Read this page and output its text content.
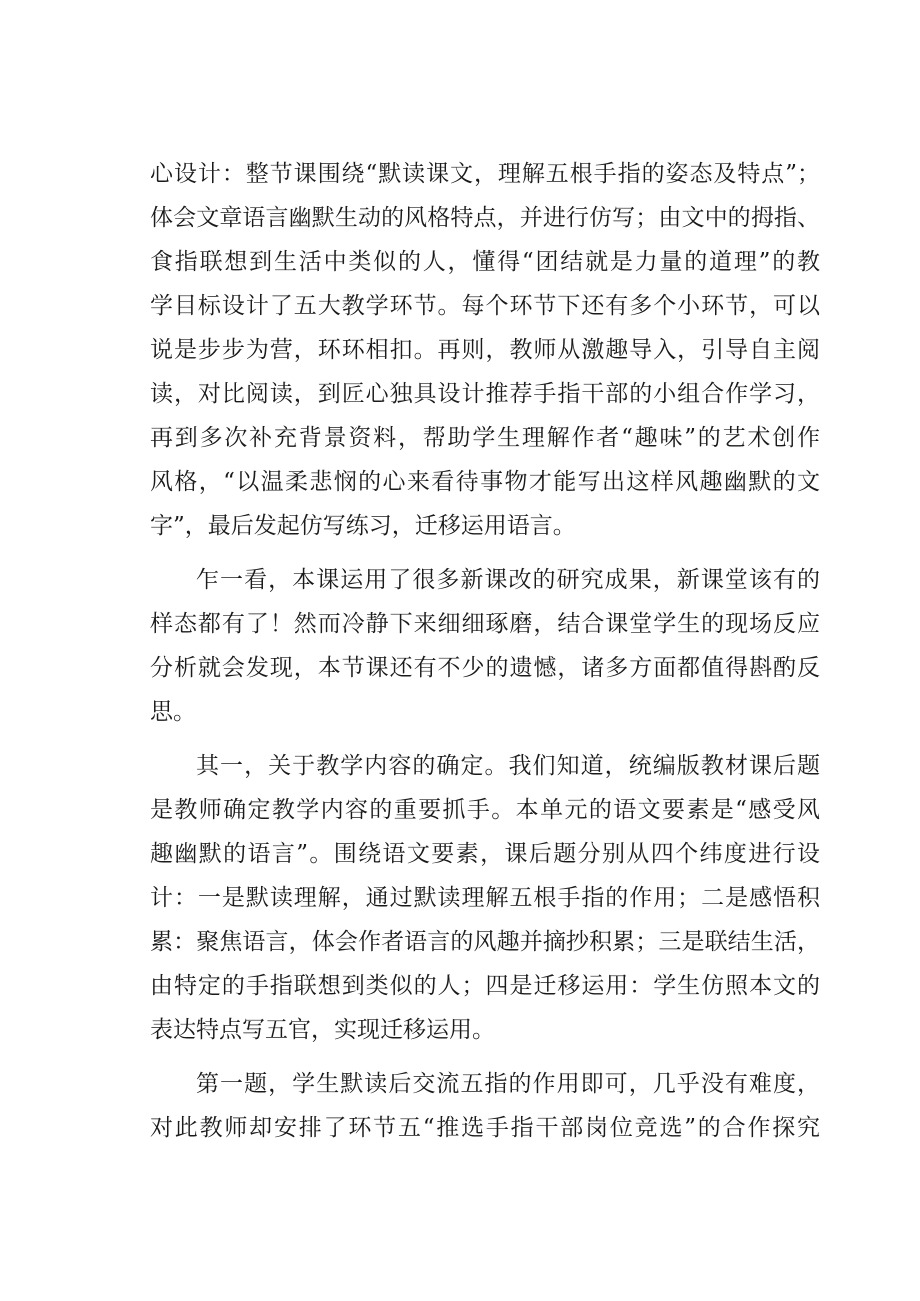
心设计：整节课围绕“默读课文，理解五根手指的姿态及特点”；
体会文章语言幽默生动的风格特点，并进行仿写；由文中的拇指、
食指联想到生活中类似的人，懂得“团结就是力量的道理”的教
学目标设计了五大教学环节。每个环节下还有多个小环节，可以
说是步步为营，环环相扣。再则，教师从激趣导入，引导自主阅
读，对比阅读，到匠心独具设计推荐手指干部的小组合作学习，
再到多次补充背景资料，帮助学生理解作者“趣味”的艺术创作
风格，“以温柔悲悯的心来看待事物才能写出这样风趣幽默的文
字”，最后发起仿写练习，迁移运用语言。
乍一看，本课运用了很多新课改的研究成果，新课堂该有的
样态都有了！然而冷静下来细细琢磨，结合课堂学生的现场反应
分析就会发现，本节课还有不少的遗憾，诸多方面都值得斟酌反
思。
其一，关于教学内容的确定。我们知道，统编版教材课后题
是教师确定教学内容的重要抓手。本单元的语文要素是“感受风
趣幽默的语言”。围绕语文要素，课后题分别从四个纬度进行设
计：一是默读理解，通过默读理解五根手指的作用；二是感悟积
累：聚焦语言，体会作者语言的风趣并摘抄积累；三是联结生活，
由特定的手指联想到类似的人；四是迁移运用：学生仿照本文的
表达特点写五官，实现迁移运用。
第一题，学生默读后交流五指的作用即可，几乎没有难度，
对此教师却安排了环节五“推选手指干部岗位竞选”的合作探究
